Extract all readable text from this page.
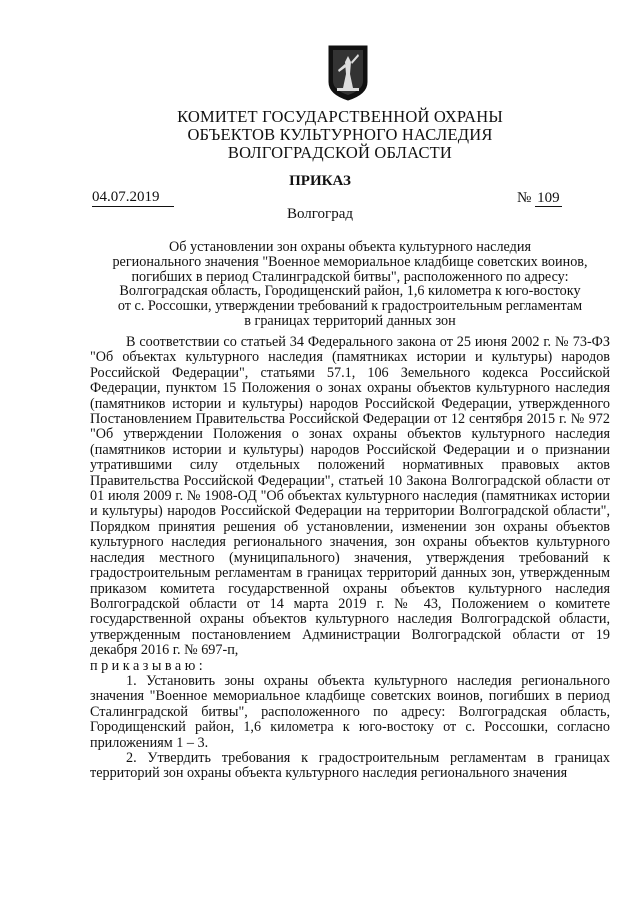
КОМИТЕТ ГОСУДАРСТВЕННОЙ ОХРАНЫ
ОБЪЕКТОВ КУЛЬТУРНОГО НАСЛЕДИЯ
ВОЛГОГРАДСКОЙ ОБЛАСТИ
ПРИКАЗ
04.07.2019	№ 109
Волгоград
Об установлении зон охраны объекта культурного наследия
регионального значения "Военное мемориальное кладбище советских воинов,
погибших в период Сталинградской битвы", расположенного по адресу:
Волгоградская область, Городищенский район, 1,6 километра к юго-востоку
от с. Россошки, утверждении требований к градостроительным регламентам
в границах территорий данных зон

В соответствии со статьей 34 Федерального закона от 25 июня 2002 г. № 73-ФЗ "Об объектах культурного наследия (памятниках истории и культуры) народов Российской Федерации", статьями 57.1, 106 Земельного кодекса Российской Федерации, пунктом 15 Положения о зонах охраны объектов культурного наследия (памятников истории и культуры) народов Российской Федерации, утвержденного Постановлением Правительства Российской Федерации от 12 сентября 2015 г. № 972 "Об утверждении Положения о зонах охраны объектов культурного наследия (памятников истории и культуры) народов Российской Федерации и о признании утратившими силу отдельных положений нормативных правовых актов Правительства Российской Федерации", статьей 10 Закона Волгоградской области от 01 июля 2009 г. № 1908-ОД "Об объектах культурного наследия (памятниках истории и культуры) народов Российской Федерации на территории Волгоградской области", Порядком принятия решения об установлении, изменении зон охраны объектов культурного наследия регионального значения, зон охраны объектов культурного наследия местного (муниципального) значения, утверждения требований к градостроительным регламентам в границах территорий данных зон, утвержденным приказом комитета государственной охраны объектов культурного наследия Волгоградской области от 14 марта 2019 г. № 43, Положением о комитете государственной охраны объектов культурного наследия Волгоградской области, утвержденным постановлением Администрации Волгоградской области от 19 декабря 2016 г. № 697-п,

приказываю:

1. Установить зоны охраны объекта культурного наследия регионального значения "Военное мемориальное кладбище советских воинов, погибших в период Сталинградской битвы", расположенного по адресу: Волгоградская область, Городищенский район, 1,6 километра к юго-востоку от с. Россошки, согласно приложениям 1 – 3.

2. Утвердить требования к градостроительным регламентам в границах территорий зон охраны объекта культурного наследия регионального значения
